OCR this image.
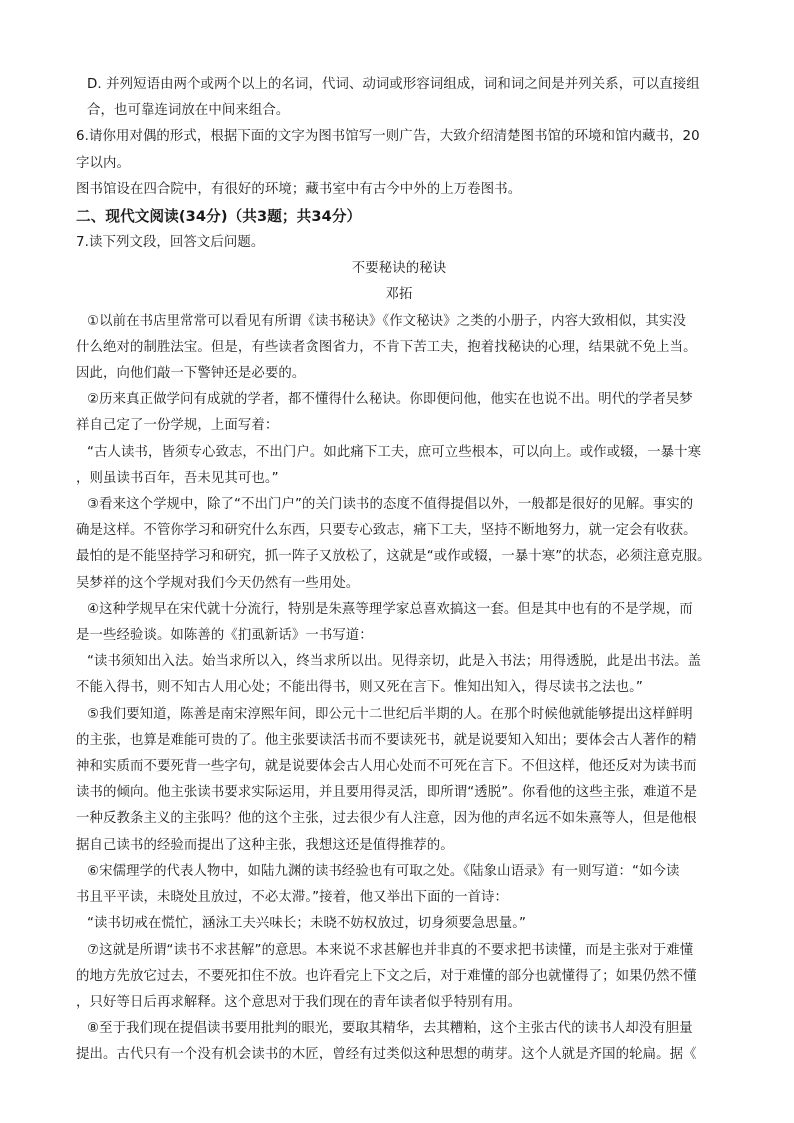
D. 并列短语由两个或两个以上的名词，代词、动词或形容词组成，词和词之间是并列关系，可以直接组
合，也可靠连词放在中间来组合。
6.请你用对偶的形式，根据下面的文字为图书馆写一则广告，大致介绍清楚图书馆的环境和馆内藏书，20
字以内。
图书馆设在四合院中，有很好的环境；藏书室中有古今中外的上万卷图书。
二、现代文阅读(34分)（共3题；共34分）
7.读下列文段，回答文后问题。
不要秘诀的秘诀
邓拓
①以前在书店里常常可以看见有所谓《读书秘诀》《作文秘诀》之类的小册子，内容大致相似，其实没
什么绝对的制胜法宝。但是，有些读者贪图省力，不肯下苦工夫，抱着找秘诀的心理，结果就不免上当。
因此，向他们敲一下警钟还是必要的。
②历来真正做学问有成就的学者，都不懂得什么秘诀。你即便问他，他实在也说不出。明代的学者吴梦
祥自己定了一份学规，上面写着：
“古人读书，皆须专心致志，不出门户。如此痛下工夫，庶可立些根本，可以向上。或作或辍，一暴十寒
，则虽读书百年，吾未见其可也。”
③看来这个学规中，除了“不出门户”的关门读书的态度不值得提倡以外，一般都是很好的见解。事实的
确是这样。不管你学习和研究什么东西，只要专心致志，痛下工夫，坚持不断地努力，就一定会有收获。
最怕的是不能坚持学习和研究，抓一阵子又放松了，这就是“或作或辍，一暴十寒”的状态，必须注意克服。
吴梦祥的这个学规对我们今天仍然有一些用处。
④这种学规早在宋代就十分流行，特别是朱熹等理学家总喜欢搞这一套。但是其中也有的不是学规，而
是一些经验谈。如陈善的《扪虱新话》一书写道：
“读书须知出入法。始当求所以入，终当求所以出。见得亲切，此是入书法；用得透脱，此是出书法。盖
不能入得书，则不知古人用心处；不能出得书，则又死在言下。惟知出知入，得尽读书之法也。”
⑤我们要知道，陈善是南宋淳熙年间，即公元十二世纪后半期的人。在那个时候他就能够提出这样鲜明
的主张，也算是难能可贵的了。他主张要读活书而不要读死书，就是说要知入知出；要体会古人著作的精
神和实质而不要死背一些字句，就是说要体会古人用心处而不可死在言下。不但这样，他还反对为读书而
读书的倾向。他主张读书要求实际运用，并且要用得灵活，即所谓“透脱”。你看他的这些主张，难道不是
一种反教条主义的主张吗？他的这个主张，过去很少有人注意，因为他的声名远不如朱熹等人，但是他根
据自己读书的经验而提出了这种主张，我想这还是值得推荐的。
⑥宋儒理学的代表人物中，如陆九渊的读书经验也有可取之处。《陆象山语录》有一则写道：“如今读
书且平平读，未晓处且放过，不必太滞。”接着，他又举出下面的一首诗：
“读书切戒在慌忙，涵泳工夫兴味长；未晓不妨权放过，切身须要急思量。”
⑦这就是所谓“读书不求甚解”的意思。本来说不求甚解也并非真的不要求把书读懂，而是主张对于难懂
的地方先放它过去，不要死扣住不放。也许看完上下文之后，对于难懂的部分也就懂得了；如果仍然不懂
，只好等日后再求解释。这个意思对于我们现在的青年读者似乎特别有用。
⑧至于我们现在提倡读书要用批判的眼光，要取其精华，去其糟粕，这个主张古代的读书人却没有胆量
提出。古代只有一个没有机会读书的木匠，曾经有过类似这种思想的萌芽。这个人就是齐国的轮扁。据《
